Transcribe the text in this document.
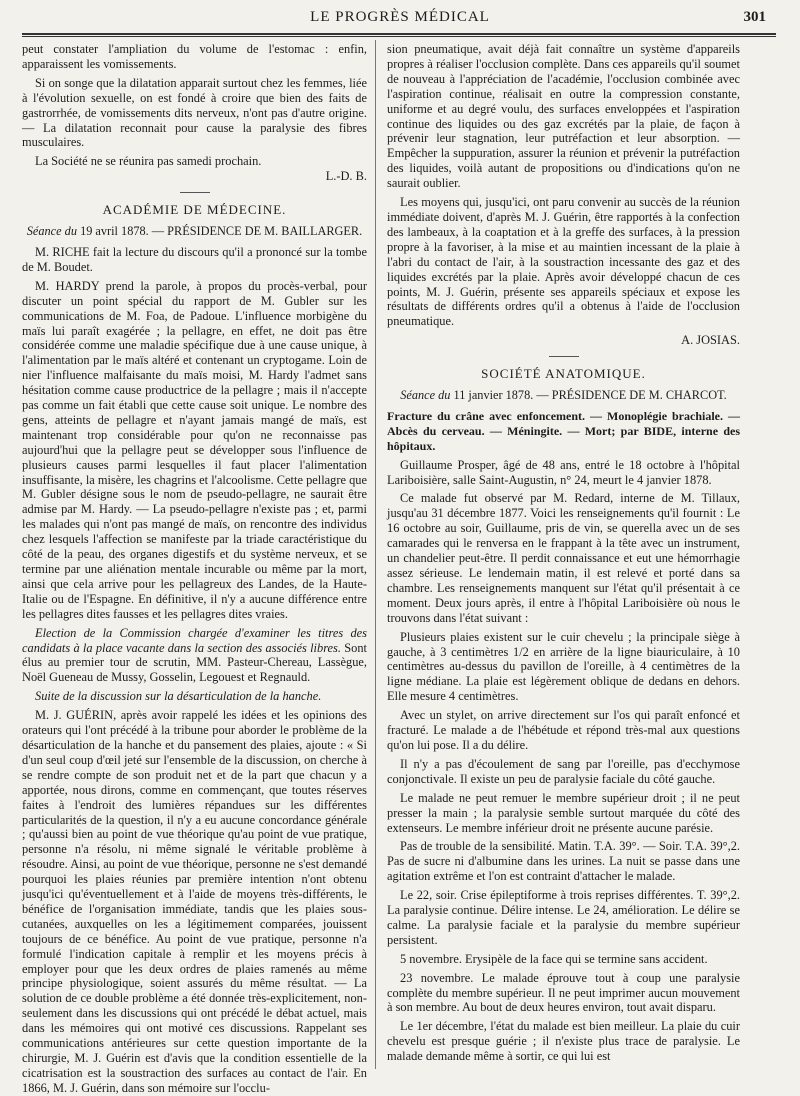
LE PROGRÈS MÉDICAL	301

peut constater l'ampliation du volume de l'estomac : enfin, apparaissent les vomissements.

Si on songe que la dilatation apparait surtout chez les femmes, liée à l'évolution sexuelle, on est fondé à croire que bien des faits de gastrorrhée, de vomissements dits nerveux, n'ont pas d'autre origine. — La dilatation reconnait pour cause la paralysie des fibres musculaires.

La Société ne se réunira pas samedi prochain.
L.-D. B.

ACADÉMIE DE MÉDECINE.
Séance du 19 avril 1878. — PRÉSIDENCE DE M. BAILLARGER.

M. RICHE fait la lecture du discours qu'il a prononcé sur la tombe de M. Boudet.

M. HARDY prend la parole, à propos du procès-verbal, pour discuter un point spécial du rapport de M. Gubler sur les communications de M. Foa, de Padoue. L'influence morbigène du maïs lui paraît exagérée ; la pellagre, en effet, ne doit pas être considérée comme une maladie spécifique due à une cause unique, à l'alimentation par le maïs altéré et contenant un cryptogame. Loin de nier l'influence malfaisante du maïs moisi, M. Hardy l'admet sans hésitation comme cause productrice de la pellagre ; mais il n'accepte pas comme un fait établi que cette cause soit unique. Le nombre des gens, atteints de pellagre et n'ayant jamais mangé de maïs, est maintenant trop considérable pour qu'on ne reconnaisse pas aujourd'hui que la pellagre peut se développer sous l'influence de plusieurs causes parmi lesquelles il faut placer l'alimentation insuffisante, la misère, les chagrins et l'alcoolisme. Cette pellagre que M. Gubler désigne sous le nom de pseudo-pellagre, ne saurait être admise par M. Hardy. — La pseudo-pellagre n'existe pas ; et, parmi les malades qui n'ont pas mangé de maïs, on rencontre des individus chez lesquels l'affection se manifeste par la triade caractéristique du côté de la peau, des organes digestifs et du système nerveux, et se termine par une aliénation mentale incurable ou même par la mort, ainsi que cela arrive pour les pellagreux des Landes, de la Haute-Italie ou de l'Espagne. En définitive, il n'y a aucune différence entre les pellagres dites fausses et les pellagres dites vraies.

Election de la Commission chargée d'examiner les titres des candidats à la place vacante dans la section des associés libres. Sont élus au premier tour de scrutin, MM. Pasteur-Chereau, Lassègue, Noël Gueneau de Mussy, Gosselin, Legouest et Regnauld.

Suite de la discussion sur la désarticulation de la hanche.

M. J. GUÉRIN, après avoir rappelé les idées et les opinions des orateurs qui l'ont précédé à la tribune pour aborder le problème de la désarticulation de la hanche et du pansement des plaies, ajoute : « Si d'un seul coup d'œil jeté sur l'ensemble de la discussion, on cherche à se rendre compte de son produit net et de la part que chacun y a apportée, nous dirons, comme en commençant, que toutes réserves faites à l'endroit des lumières répandues sur les différentes particularités de la question, il n'y a eu aucune concordance générale ; qu'aussi bien au point de vue théorique qu'au point de vue pratique, personne n'a résolu, ni même signalé le véritable problème à résoudre. Ainsi, au point de vue théorique, personne ne s'est demandé pourquoi les plaies réunies par première intention n'ont obtenu jusqu'ici qu'éventuellement et à l'aide de moyens très-différents, le bénéfice de l'organisation immédiate, tandis que les plaies sous-cutanées, auxquelles on les a légitimement comparées, jouissent toujours de ce bénéfice. Au point de vue pratique, personne n'a formulé l'indication capitale à remplir et les moyens précis à employer pour que les deux ordres de plaies ramenés au même principe physiologique, soient assurés du même résultat. — La solution de ce double problème a été donnée très-explicitement, non-seulement dans les discussions qui ont précédé le débat actuel, mais dans les mémoires qui ont motivé ces discussions. Rappelant ses communications antérieures sur cette question importante de la chirurgie, M. J. Guérin est d'avis que la condition essentielle de la cicatrisation est la soustraction des surfaces au contact de l'air. En 1866, M. J. Guérin, dans son mémoire sur l'occlu-

sion pneumatique, avait déjà fait connaître un système d'appareils propres à réaliser l'occlusion complète. Dans ces appareils qu'il soumet de nouveau à l'appréciation de l'académie, l'occlusion combinée avec l'aspiration continue, réalisait en outre la compression constante, uniforme et au degré voulu, des surfaces enveloppées et l'aspiration continue des liquides ou des gaz excrétés par la plaie, de façon à prévenir leur stagnation, leur putréfaction et leur absorption. — Empêcher la suppuration, assurer la réunion et prévenir la putréfaction des liquides, voilà autant de propositions ou d'indications qu'on ne saurait oublier.

Les moyens qui, jusqu'ici, ont paru convenir au succès de la réunion immédiate doivent, d'après M. J. Guérin, être rapportés à la confection des lambeaux, à la coaptation et à la greffe des surfaces, à la pression propre à la favoriser, à la mise et au maintien incessant de la plaie à l'abri du contact de l'air, à la soustraction incessante des gaz et des liquides excrétés par la plaie. Après avoir développé chacun de ces points, M. J. Guérin, présente ses appareils spéciaux et expose les résultats de différents ordres qu'il a obtenus à l'aide de l'occlusion pneumatique.

A. JOSIAS.
SOCIÉTÉ ANATOMIQUE.
Séance du 11 janvier 1878. — PRÉSIDENCE DE M. CHARCOT.

Fracture du crâne avec enfoncement. — Monoplégie brachiale. — Abcès du cerveau. — Méningite. — Mort; par BIDE, interne des hôpitaux.

Guillaume Prosper, âgé de 48 ans, entré le 18 octobre à l'hôpital Lariboisière, salle Saint-Augustin, n° 24, meurt le 4 janvier 1878.

Ce malade fut observé par M. Redard, interne de M. Tillaux, jusqu'au 31 décembre 1877. Voici les renseignements qu'il fournit : Le 16 octobre au soir, Guillaume, pris de vin, se querella avec un de ses camarades qui le renversa en le frappant à la tête avec un instrument, un chandelier peut-être. Il perdit connaissance et eut une hémorrhagie assez sérieuse. Le lendemain matin, il est relevé et porté dans sa chambre. Les renseignements manquent sur l'état qu'il présentait à ce moment. Deux jours après, il entre à l'hôpital Lariboisière où nous le trouvons dans l'état suivant :

Plusieurs plaies existent sur le cuir chevelu ; la principale siège à gauche, à 3 centimètres 1/2 en arrière de la ligne biauriculaire, à 10 centimètres au-dessus du pavillon de l'oreille, à 4 centimètres de la ligne médiane. La plaie est légèrement oblique de dedans en dehors. Elle mesure 4 centimètres.

Avec un stylet, on arrive directement sur l'os qui paraît enfoncé et fracturé. Le malade a de l'hébétude et répond très-mal aux questions qu'on lui pose. Il a du délire.

Il n'y a pas d'écoulement de sang par l'oreille, pas d'ecchymose conjonctivale. Il existe un peu de paralysie faciale du côté gauche.

Le malade ne peut remuer le membre supérieur droit ; il ne peut presser la main ; la paralysie semble surtout marquée du côté des extenseurs. Le membre inférieur droit ne présente aucune parésie.

Pas de trouble de la sensibilité. Matin. T.A. 39°. — Soir. T.A. 39°,2. Pas de sucre ni d'albumine dans les urines. La nuit se passe dans une agitation extrême et l'on est contraint d'attacher le malade.

Le 22, soir. Crise épileptiforme à trois reprises différentes. T. 39°,2. La paralysie continue. Délire intense. Le 24, amélioration. Le délire se calme. La paralysie faciale et la paralysie du membre supérieur persistent.

5 novembre. Erysipèle de la face qui se termine sans accident.

23 novembre. Le malade éprouve tout à coup une paralysie complète du membre supérieur. Il ne peut imprimer aucun mouvement à son membre. Au bout de deux heures environ, tout avait disparu.

Le 1er décembre, l'état du malade est bien meilleur. La plaie du cuir chevelu est presque guérie ; il n'existe plus trace de paralysie. Le malade demande même à sortir, ce qui lui est
